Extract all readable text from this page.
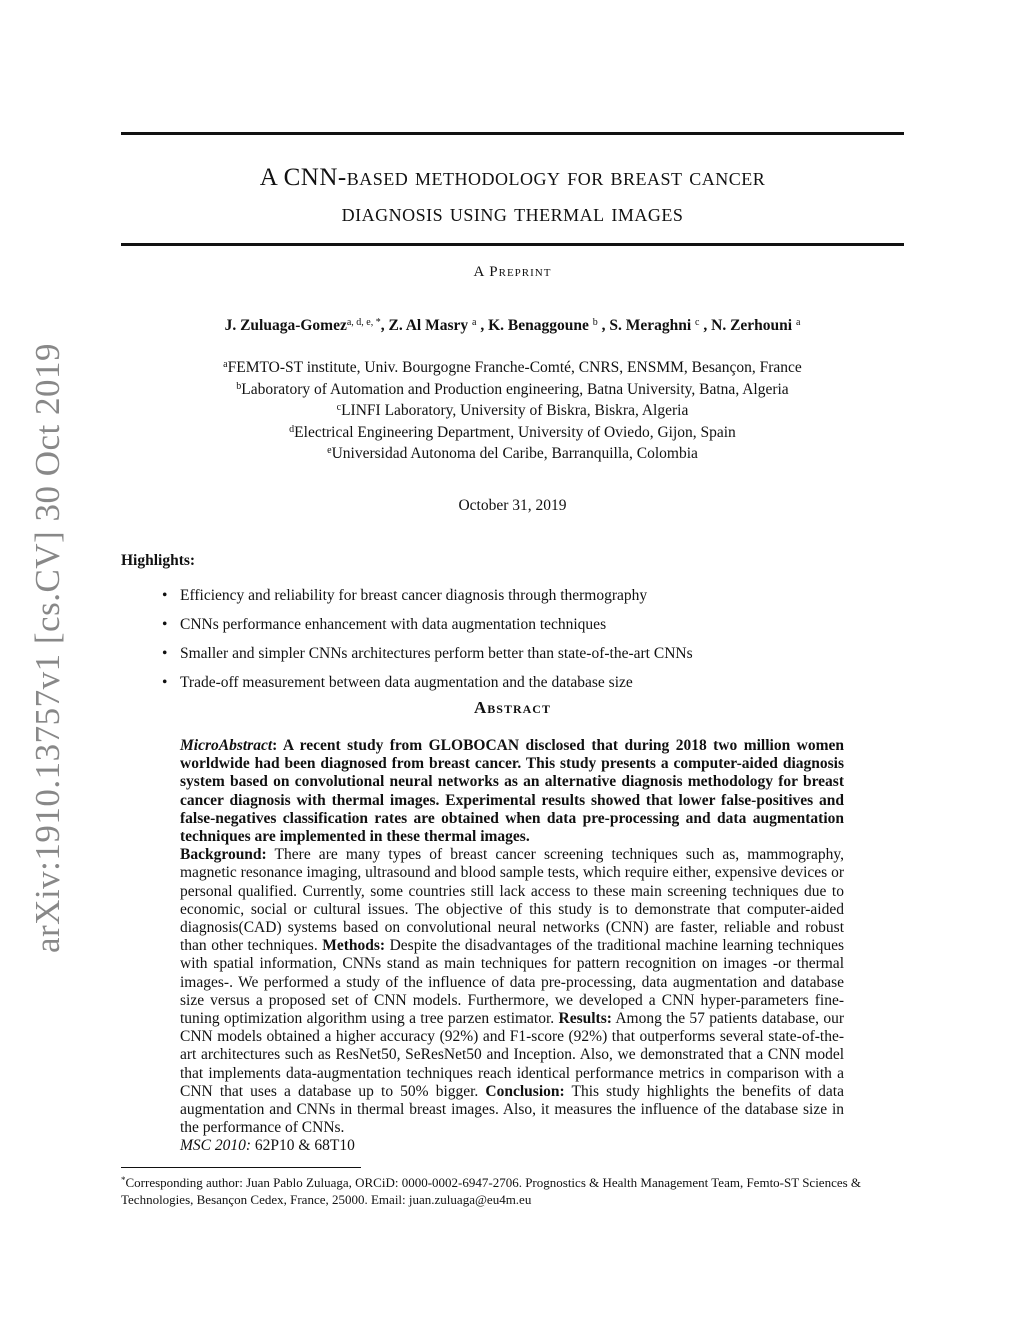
arXiv:1910.13757v1 [cs.CV] 30 Oct 2019
A CNN-based methodology for breast cancer
diagnosis using thermal images
A Preprint
J. Zuluaga-Gomez$^{a, d, e, *}$, Z. Al Masry $^a$ , K. Benaggoune $^b$ , S. Meraghni $^c$ , N. Zerhouni $^a$
$^a$FEMTO-ST institute, Univ. Bourgogne Franche-Comté, CNRS, ENSMM, Besançon, France
$^b$Laboratory of Automation and Production engineering, Batna University, Batna, Algeria
$^c$LINFI Laboratory, University of Biskra, Biskra, Algeria
$^d$Electrical Engineering Department, University of Oviedo, Gijon, Spain
$^e$Universidad Autonoma del Caribe, Barranquilla, Colombia
October 31, 2019
Highlights:
• Efficiency and reliability for breast cancer diagnosis through thermography
• CNNs performance enhancement with data augmentation techniques
• Smaller and simpler CNNs architectures perform better than state-of-the-art CNNs
• Trade-off measurement between data augmentation and the database size
Abstract

MicroAbstract: A recent study from GLOBOCAN disclosed that during 2018 two million women worldwide had been diagnosed from breast cancer. This study presents a computer-aided diagnosis system based on convolutional neural networks as an alternative diagnosis methodology for breast cancer diagnosis with thermal images. Experimental results showed that lower false-positives and false-negatives classification rates are obtained when data pre-processing and data augmentation techniques are implemented in these thermal images.

Background: There are many types of breast cancer screening techniques such as, mammography, magnetic resonance imaging, ultrasound and blood sample tests, which require either, expensive devices or personal qualified. Currently, some countries still lack access to these main screening techniques due to economic, social or cultural issues. The objective of this study is to demonstrate that computer-aided diagnosis(CAD) systems based on convolutional neural networks (CNN) are faster, reliable and robust than other techniques. Methods: Despite the disadvantages of the traditional machine learning techniques with spatial information, CNNs stand as main techniques for pattern recognition on images -or thermal images-. We performed a study of the influence of data pre-processing, data augmentation and database size versus a proposed set of CNN models. Furthermore, we developed a CNN hyper-parameters fine-tuning optimization algorithm using a tree parzen estimator. Results: Among the 57 patients database, our CNN models obtained a higher accuracy (92%) and F1-score (92%) that outperforms several state-of-the-art architectures such as ResNet50, SeResNet50 and Inception. Also, we demonstrated that a CNN model that implements data-augmentation techniques reach identical performance metrics in comparison with a CNN that uses a database up to 50% bigger. Conclusion: This study highlights the benefits of data augmentation and CNNs in thermal breast images. Also, it measures the influence of the database size in the performance of CNNs.

MSC 2010: 62P10 & 68T10

*Corresponding author: Juan Pablo Zuluaga, ORCiD: 0000-0002-6947-2706. Prognostics & Health Management Team, Femto-ST Sciences & Technologies, Besançon Cedex, France, 25000. Email: juan.zuluaga@eu4m.eu
